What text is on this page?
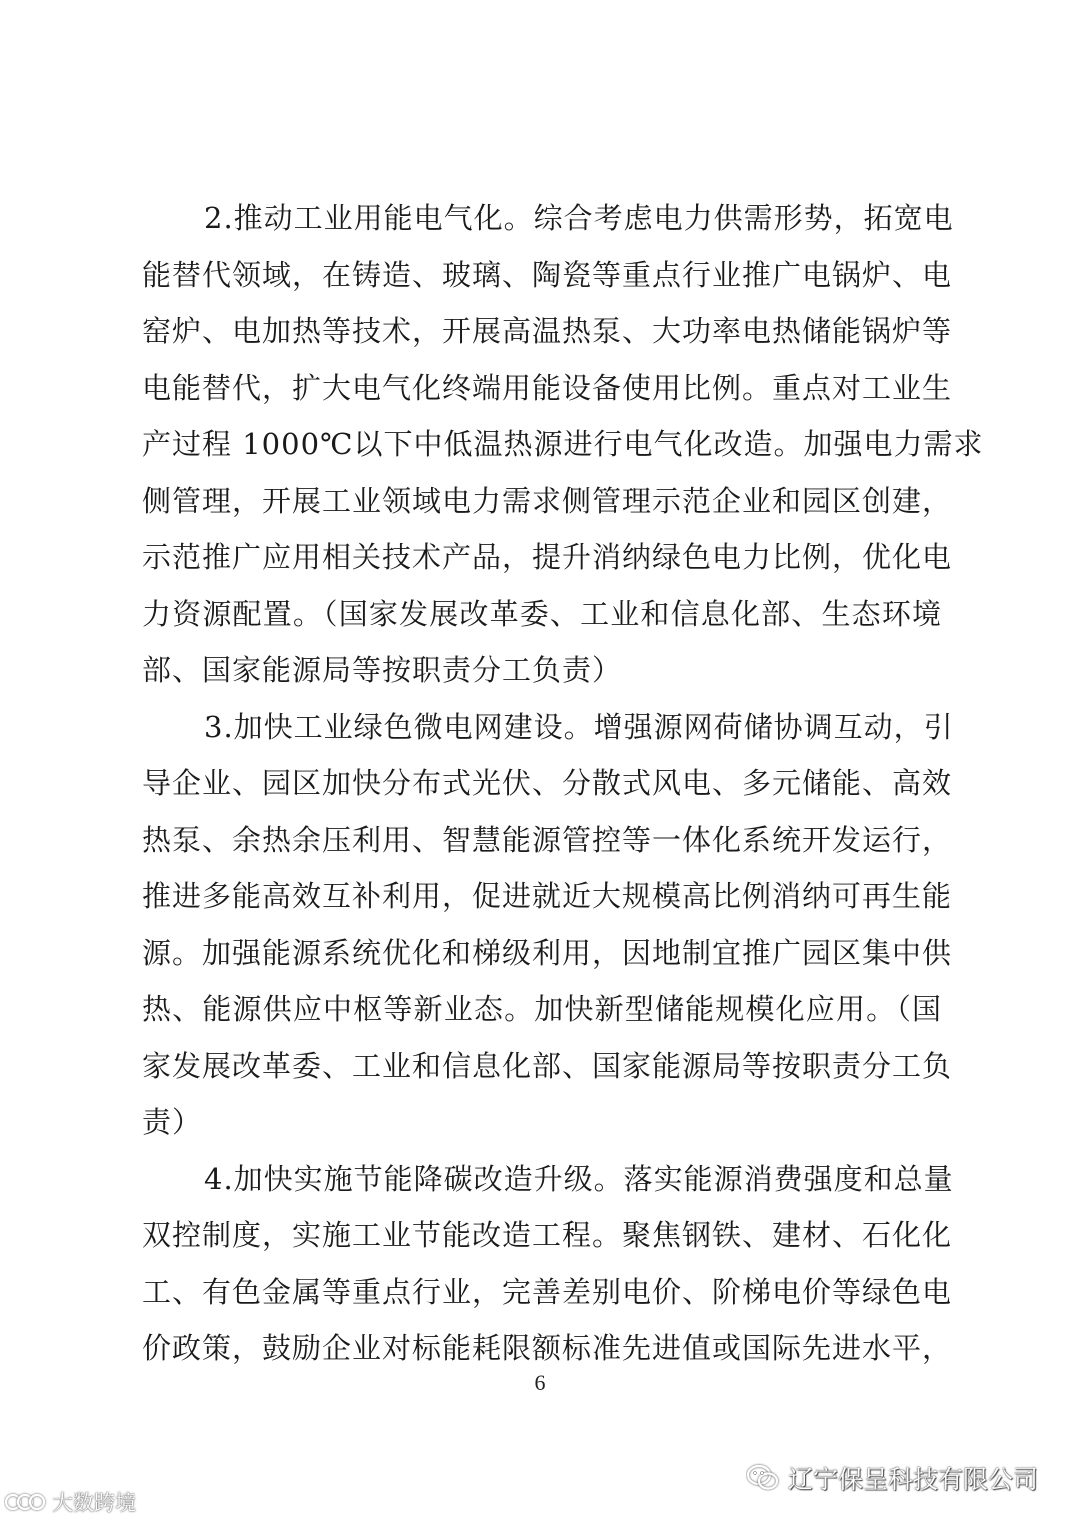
2.推动工业用能电气化。综合考虑电力供需形势，拓宽电
能替代领域，在铸造、玻璃、陶瓷等重点行业推广电锅炉、电
窑炉、电加热等技术，开展高温热泵、大功率电热储能锅炉等
电能替代，扩大电气化终端用能设备使用比例。重点对工业生
产过程 1000℃以下中低温热源进行电气化改造。加强电力需求
侧管理，开展工业领域电力需求侧管理示范企业和园区创建，
示范推广应用相关技术产品，提升消纳绿色电力比例，优化电
力资源配置。（国家发展改革委、工业和信息化部、生态环境
部、国家能源局等按职责分工负责）
3.加快工业绿色微电网建设。增强源网荷储协调互动，引
导企业、园区加快分布式光伏、分散式风电、多元储能、高效
热泵、余热余压利用、智慧能源管控等一体化系统开发运行，
推进多能高效互补利用，促进就近大规模高比例消纳可再生能
源。加强能源系统优化和梯级利用，因地制宜推广园区集中供
热、能源供应中枢等新业态。加快新型储能规模化应用。（国
家发展改革委、工业和信息化部、国家能源局等按职责分工负
责）
4.加快实施节能降碳改造升级。落实能源消费强度和总量
双控制度，实施工业节能改造工程。聚焦钢铁、建材、石化化
工、有色金属等重点行业，完善差别电价、阶梯电价等绿色电
价政策，鼓励企业对标能耗限额标准先进值或国际先进水平，
6
辽宁保呈科技有限公司
大数跨境
